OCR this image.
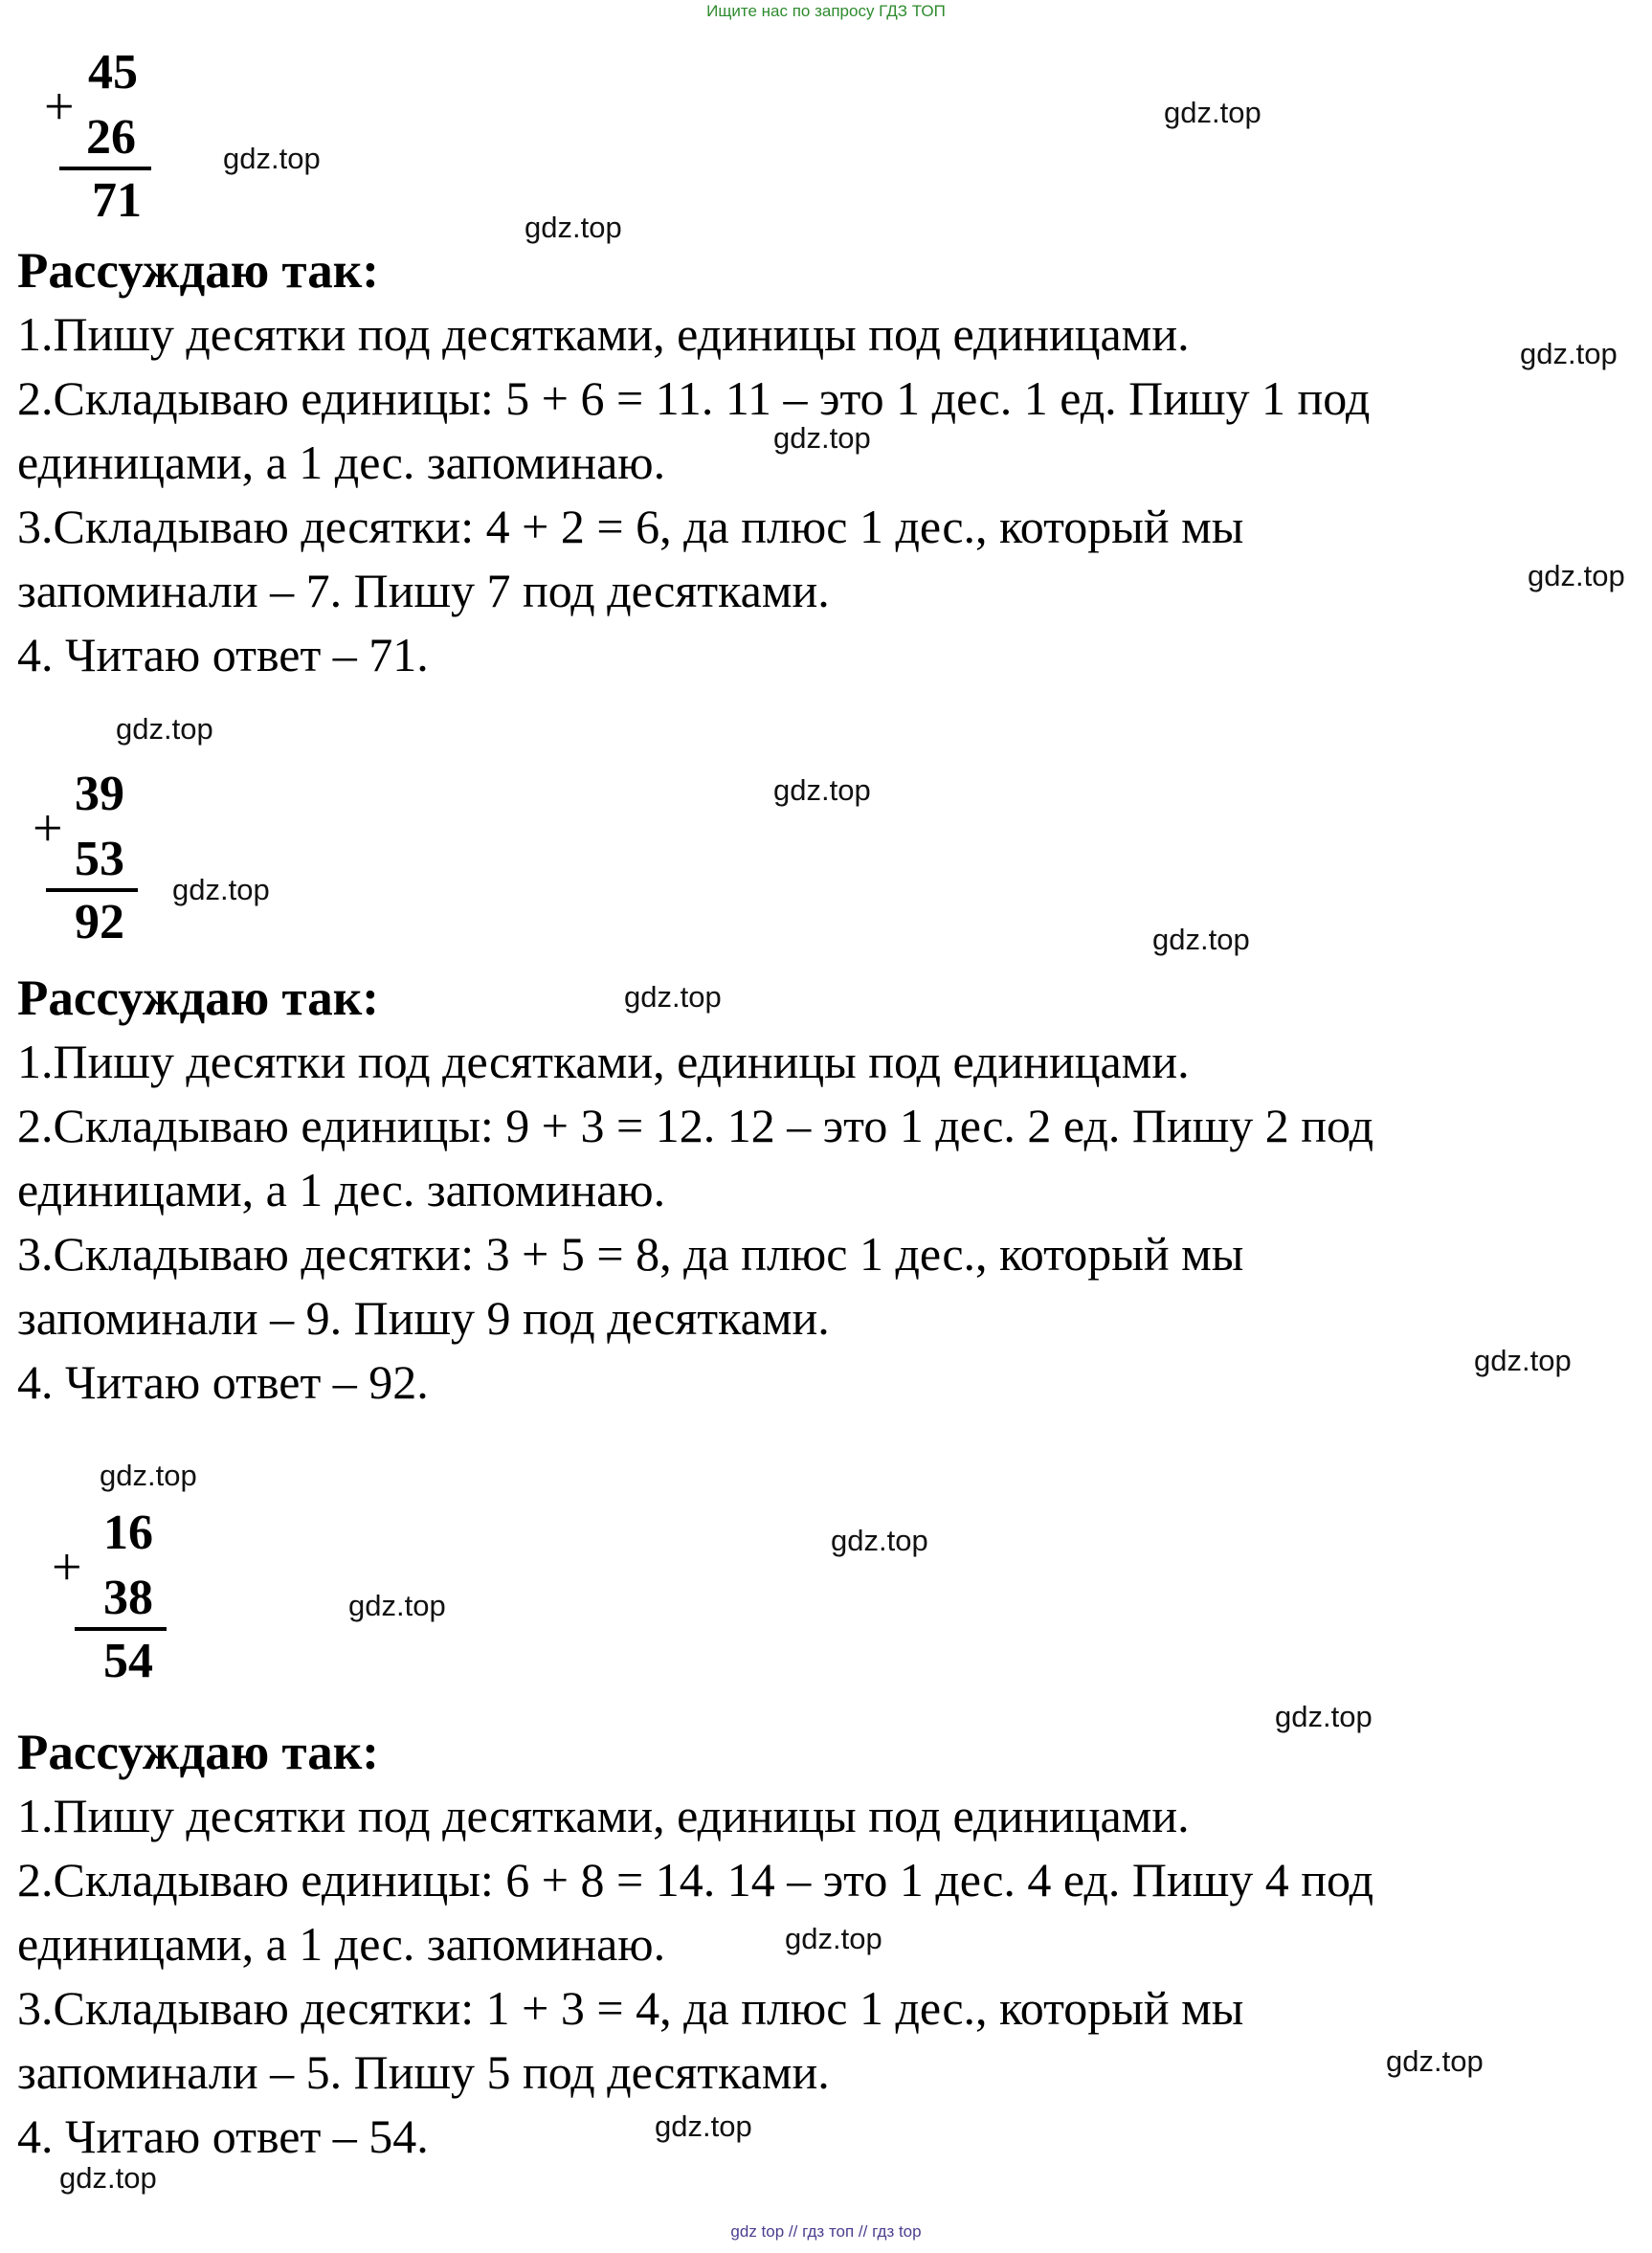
Ищите нас по запросу ГДЗ ТОП
45
+
26
71

Рассуждаю так:

1.Пишу десятки под десятками, единицы под единицами.

2.Складываю единицы: 5 + 6 = 11. 11 – это 1 дес. 1 ед. Пишу 1 под

единицами, а 1 дес. запоминаю.

3.Складываю десятки: 4 + 2 = 6, да плюс 1 дес., который мы

запоминали – 7. Пишу 7 под десятками.

4. Читаю ответ – 71.

39
+
53
92

Рассуждаю так:

1.Пишу десятки под десятками, единицы под единицами.

2.Складываю единицы: 9 + 3 = 12. 12 – это 1 дес. 2 ед. Пишу 2 под

единицами, а 1 дес. запоминаю.

3.Складываю десятки: 3 + 5 = 8, да плюс 1 дес., который мы

запоминали – 9. Пишу 9 под десятками.

4. Читаю ответ – 92.

16
+
38
54

Рассуждаю так:

1.Пишу десятки под десятками, единицы под единицами.

2.Складываю единицы: 6 + 8 = 14. 14 – это 1 дес. 4 ед. Пишу 4 под

единицами, а 1 дес. запоминаю.

3.Складываю десятки: 1 + 3 = 4, да плюс 1 дес., который мы

запоминали – 5. Пишу 5 под десятками.

4. Читаю ответ – 54.

gdz.top
gdz.top
gdz.top
gdz.top
gdz.top
gdz.top
gdz.top
gdz.top
gdz.top
gdz.top
gdz.top
gdz.top
gdz.top
gdz.top
gdz.top
gdz.top
gdz.top
gdz.top
gdz.top
gdz.top
gdz top // гдз топ // гдз top
